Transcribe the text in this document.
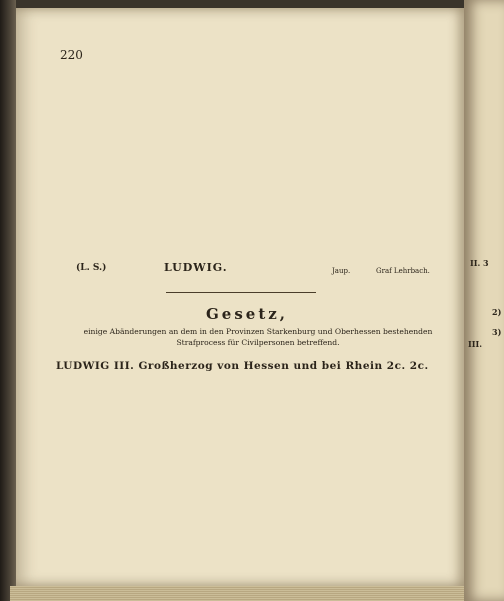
220
(L. S.)	LUDWIG.	Jaup.	Graf Lehrbach.
Gesetz,
einige Abänderungen an dem in den Provinzen Starkenburg und Oberhessen bestehenden
Strafprocess für Civilpersonen betreffend.
LUDWIG III. Großherzog von Hessen und bei Rhein 2c. 2c.
II. 3
2)
3)
III.
